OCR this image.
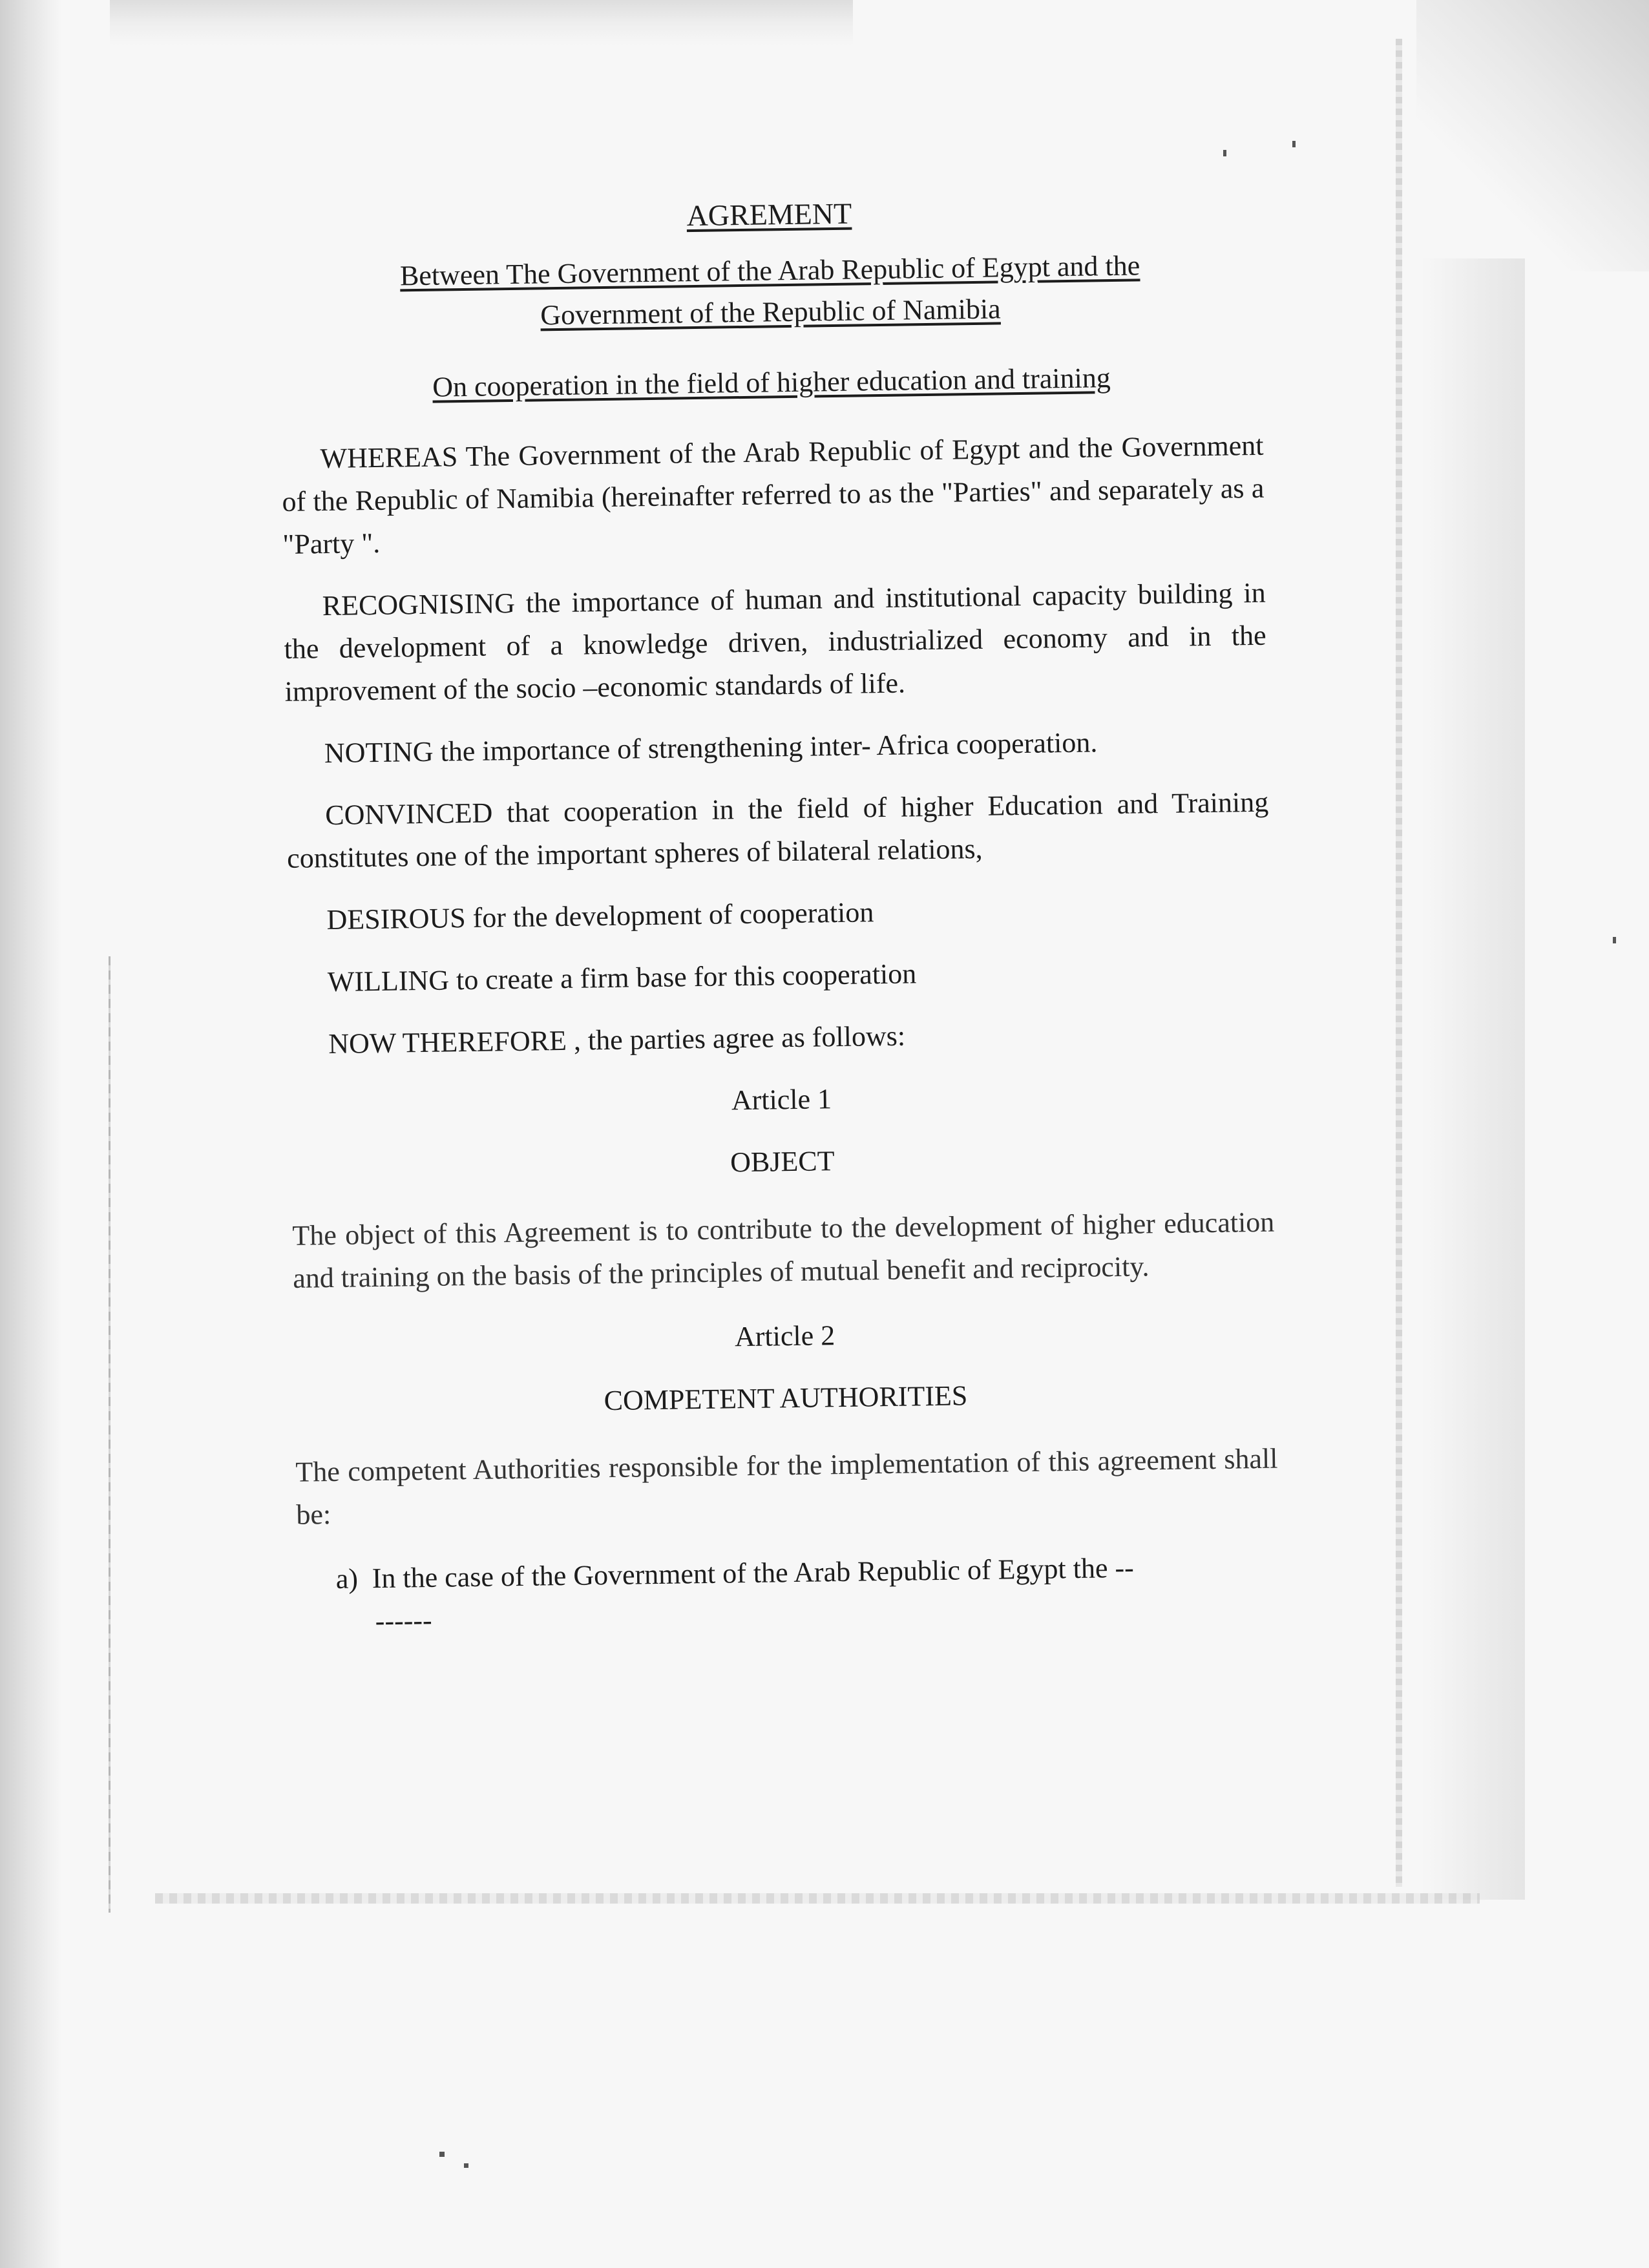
AGREMENT
Between The Government of the Arab Republic of Egypt and the
Government of the Republic of Namibia
On cooperation in the field of higher education and training

WHEREAS The Government of the Arab Republic of Egypt and the Government of the Republic of Namibia (hereinafter referred to as the "Parties" and separately as a "Party ".

RECOGNISING the importance of human and institutional capacity building in the development of a knowledge driven, industrialized economy and in the improvement of the socio –economic standards of life.

NOTING the importance of strengthening inter- Africa cooperation.

CONVINCED that cooperation in the field of higher Education and Training constitutes one of the important spheres of bilateral relations,

DESIROUS for the development of cooperation

WILLING to create a firm base for this cooperation

NOW THEREFORE , the parties agree as follows:

Article 1
OBJECT

The object of this Agreement is to contribute to the development of higher education and training on the basis of the principles of mutual benefit and reciprocity.

Article 2
COMPETENT AUTHORITIES

The competent Authorities responsible for the implementation of this agreement shall be:

a) In the case of the Government of the Arab Republic of Egypt the --
------
